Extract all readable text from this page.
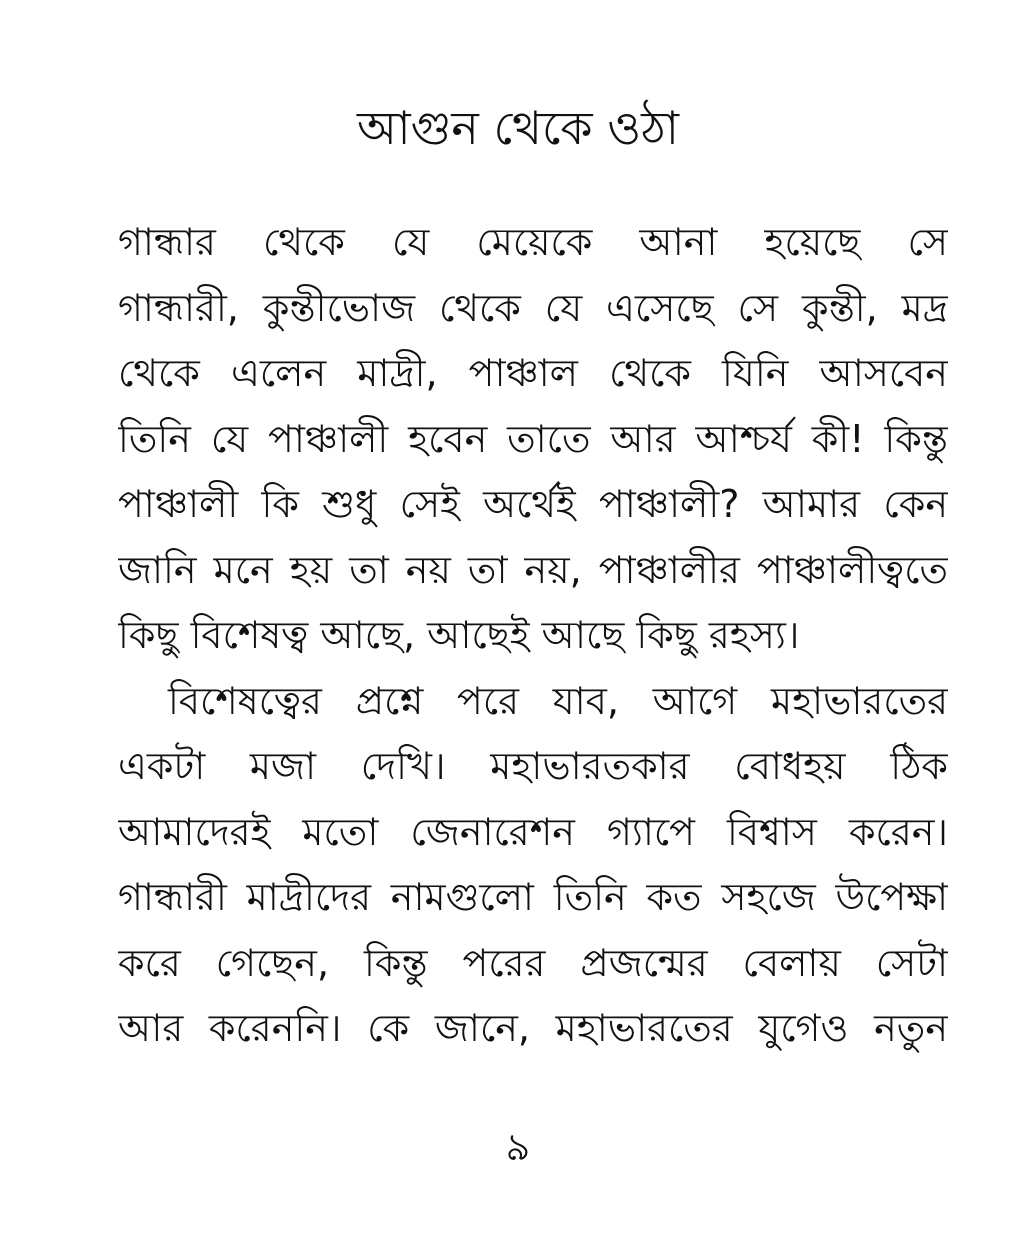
আগুন থেকে ওঠা
গান্ধার থেকে যে মেয়েকে আনা হয়েছে সে
গান্ধারী, কুন্তীভোজ থেকে যে এসেছে সে কুন্তী, মদ্র
থেকে এলেন মাদ্রী, পাঞ্চাল থেকে যিনি আসবেন
তিনি যে পাঞ্চালী হবেন তাতে আর আশ্চর্য কী! কিন্তু
পাঞ্চালী কি শুধু সেই অর্থেই পাঞ্চালী? আমার কেন
জানি মনে হয় তা নয় তা নয়, পাঞ্চালীর পাঞ্চালীত্বতে
কিছু বিশেষত্ব আছে, আছেই আছে কিছু রহস্য।
বিশেষত্বের প্রশ্নে পরে যাব, আগে মহাভারতের
একটা মজা দেখি। মহাভারতকার বোধহয় ঠিক
আমাদেরই মতো জেনারেশন গ্যাপে বিশ্বাস করেন।
গান্ধারী মাদ্রীদের নামগুলো তিনি কত সহজে উপেক্ষা
করে গেছেন, কিন্তু পরের প্রজন্মের বেলায় সেটা
আর করেননি। কে জানে, মহাভারতের যুগেও নতুন
৯
